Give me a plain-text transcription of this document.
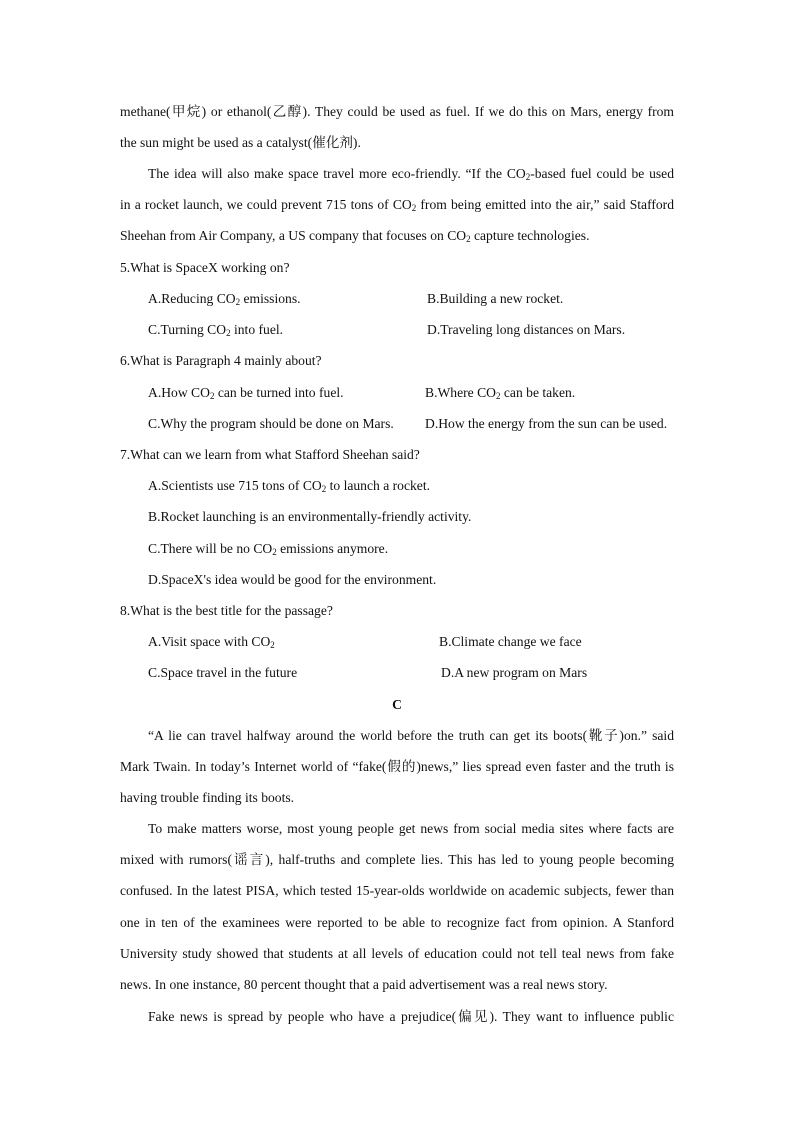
methane(甲烷) or ethanol(乙醇). They could be used as fuel. If we do this on Mars, energy from
the sun might be used as a catalyst(催化剂).
The idea will also make space travel more eco-friendly. “If the $CO_2$-based fuel could be used
in a rocket launch, we could prevent 715 tons of $CO_2$ from being emitted into the air,” said Stafford
Sheehan from Air Company, a US company that focuses on $CO_2$ capture technologies.
5.What is SpaceX working on?
A.Reducing $CO_2$ emissions.	B.Building a new rocket.
C.Turning $CO_2$ into fuel.	D.Traveling long distances on Mars.
6.What is Paragraph 4 mainly about?
A.How $CO_2$ can be turned into fuel.	B.Where $CO_2$ can be taken.
C.Why the program should be done on Mars. D.How the energy from the sun can be used.
7.What can we learn from what Stafford Sheehan said?
A.Scientists use 715 tons of $CO_2$ to launch a rocket.
B.Rocket launching is an environmentally-friendly activity.
C.There will be no $CO_2$ emissions anymore.
D.SpaceX's idea would be good for the environment.
8.What is the best title for the passage?
A.Visit space with $CO_2$	B.Climate change we face
C.Space travel in the future	D.A new program on Mars
C
“A lie can travel halfway around the world before the truth can get its boots(靴子)on.” said
Mark Twain. In today’s Internet world of “fake(假的)news,” lies spread even faster and the truth is
having trouble finding its boots.
To make matters worse, most young people get news from social media sites where facts are
mixed with rumors(谣言), half-truths and complete lies. This has led to young people becoming
confused. In the latest PISA, which tested 15-year-olds worldwide on academic subjects, fewer than
one in ten of the examinees were reported to be able to recognize fact from opinion. A Stanford
University study showed that students at all levels of education could not tell teal news from fake
news. In one instance, 80 percent thought that a paid advertisement was a real news story.
Fake news is spread by people who have a prejudice(偏见). They want to influence public
